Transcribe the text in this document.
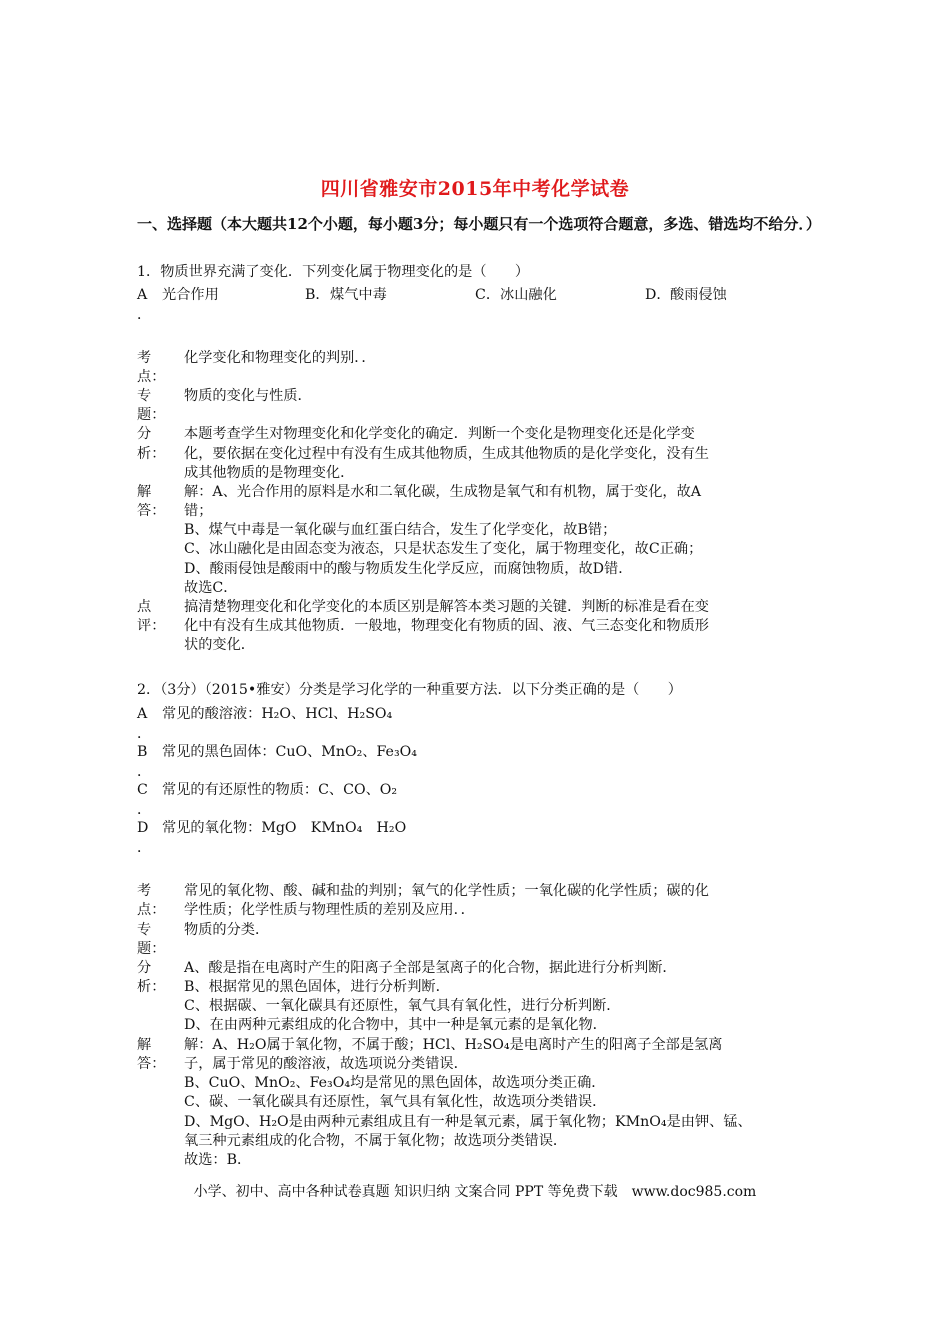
四川省雅安市2015年中考化学试卷
一、选择题（本大题共12个小题，每小题3分；每小题只有一个选项符合题意，多选、错选均不给分．）
1．物质世界充满了变化．下列变化属于物理变化的是（　　）
A
．
光合作用	B． 煤气中毒	C． 冰山融化	D． 酸雨侵蚀
考
点：
化学变化和物理变化的判别．．
专
题：
物质的变化与性质．
分
析：
本题考查学生对物理变化和化学变化的确定．判断一个变化是物理变化还是化学变
化，要依据在变化过程中有没有生成其他物质，生成其他物质的是化学变化，没有生
成其他物质的是物理变化．
解
答：
解：A、光合作用的原料是水和二氧化碳，生成物是氧气和有机物，属于变化，故A
错；
B、煤气中毒是一氧化碳与血红蛋白结合，发生了化学变化，故B错；
C、冰山融化是由固态变为液态，只是状态发生了变化，属于物理变化，故C正确；
D、酸雨侵蚀是酸雨中的酸与物质发生化学反应，而腐蚀物质，故D错．
故选C．
点
评：
搞清楚物理变化和化学变化的本质区别是解答本类习题的关键．判断的标准是看在变
化中有没有生成其他物质．一般地，物理变化有物质的固、液、气三态变化和物质形
状的变化．
2．（3分）（2015•雅安）分类是学习化学的一种重要方法．以下分类正确的是（　　）
A
．
常见的酸溶液：H₂O、HCl、H₂SO₄
B
．
常见的黑色固体：CuO、MnO₂、Fe₃O₄
C
．
常见的有还原性的物质：C、CO、O₂
D
．
常见的氧化物：MgO　KMnO₄　H₂O
考
点：
常见的氧化物、酸、碱和盐的判别；氧气的化学性质；一氧化碳的化学性质；碳的化
学性质；化学性质与物理性质的差别及应用．．
专
题：
物质的分类．
分
析：
A、酸是指在电离时产生的阳离子全部是氢离子的化合物，据此进行分析判断．
B、根据常见的黑色固体，进行分析判断．
C、根据碳、一氧化碳具有还原性，氧气具有氧化性，进行分析判断．
D、在由两种元素组成的化合物中，其中一种是氧元素的是氧化物．
解
答：
解：A、H₂O属于氧化物，不属于酸；HCl、H₂SO₄是电离时产生的阳离子全部是氢离
子，属于常见的酸溶液，故选项说分类错误．
B、CuO、MnO₂、Fe₃O₄均是常见的黑色固体，故选项分类正确．
C、碳、一氧化碳具有还原性，氧气具有氧化性，故选项分类错误．
D、MgO、H₂O是由两种元素组成且有一种是氧元素，属于氧化物；KMnO₄是由钾、锰、
氧三种元素组成的化合物，不属于氧化物；故选项分类错误．
故选：B．
小学、初中、高中各种试卷真题 知识归纳 文案合同 PPT 等免费下载　www.doc985.com
